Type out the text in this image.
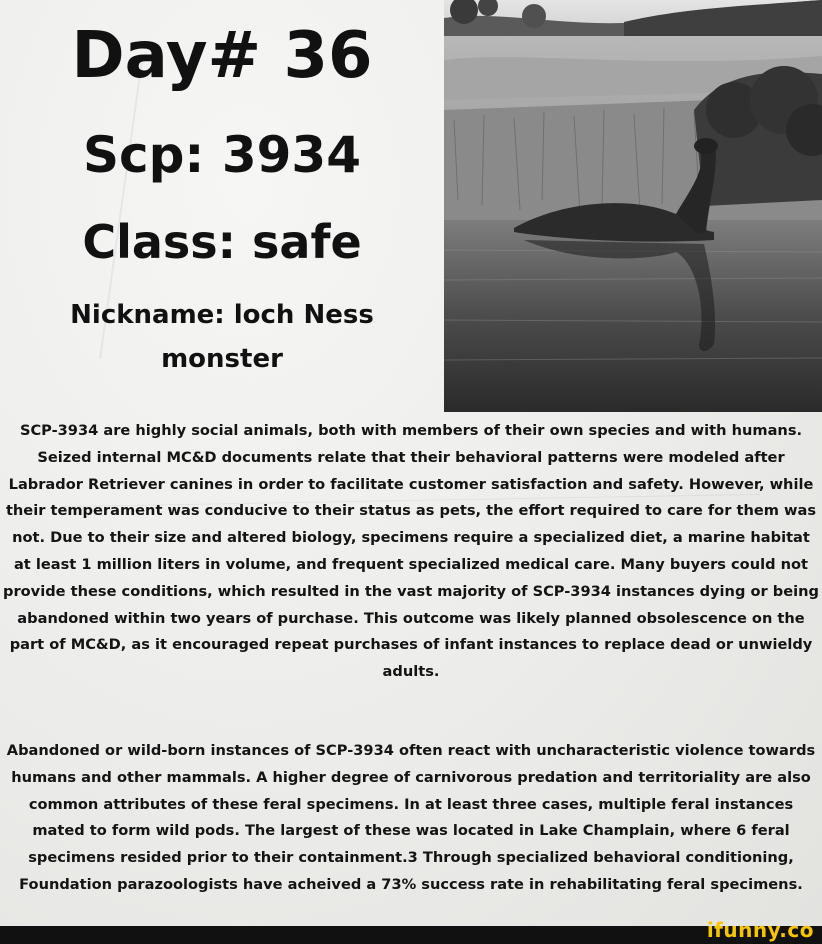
Day# 36
Scp: 3934
Class: safe
Nickname: loch Ness
monster
SCP-3934 are highly social animals, both with members of their own species and with humans. Seized internal MC&D documents relate that their behavioral patterns were modeled after Labrador Retriever canines in order to facilitate customer satisfaction and safety. However, while their temperament was conducive to their status as pets, the effort required to care for them was not. Due to their size and altered biology, specimens require a specialized diet, a marine habitat at least 1 million liters in volume, and frequent specialized medical care. Many buyers could not provide these conditions, which resulted in the vast majority of SCP-3934 instances dying or being abandoned within two years of purchase. This outcome was likely planned obsolescence on the part of MC&D, as it encouraged repeat purchases of infant instances to replace dead or unwieldy adults.
Abandoned or wild-born instances of SCP-3934 often react with uncharacteristic violence towards humans and other mammals. A higher degree of carnivorous predation and territoriality are also common attributes of these feral specimens. In at least three cases, multiple feral instances mated to form wild pods. The largest of these was located in Lake Champlain, where 6 feral specimens resided prior to their containment.3 Through specialized behavioral conditioning, Foundation parazoologists have acheived a 73% success rate in rehabilitating feral specimens.
ifunny.co
